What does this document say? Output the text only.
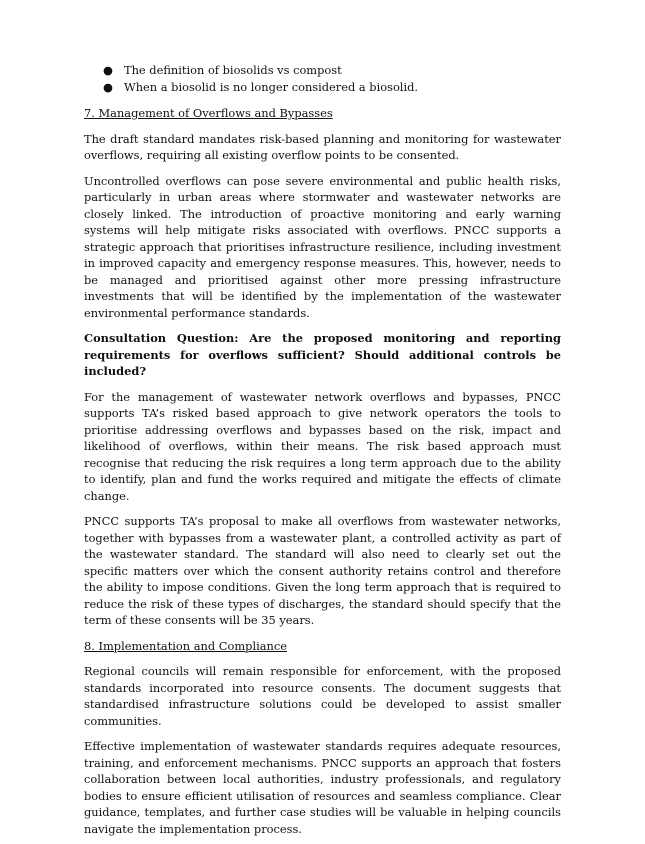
● The definition of biosolids vs compost
● When a biosolid is no longer considered a biosolid.
7. Management of Overflows and Bypasses

The draft standard mandates risk-based planning and monitoring for wastewater overflows, requiring all existing overflow points to be consented.

Uncontrolled overflows can pose severe environmental and public health risks, particularly in urban areas where stormwater and wastewater networks are closely linked. The introduction of proactive monitoring and early warning systems will help mitigate risks associated with overflows. PNCC supports a strategic approach that prioritises infrastructure resilience, including investment in improved capacity and emergency response measures. This, however, needs to be managed and prioritised against other more pressing infrastructure investments that will be identified by the implementation of the wastewater environmental performance standards.

Consultation Question: Are the proposed monitoring and reporting requirements for overflows sufficient? Should additional controls be included?

For the management of wastewater network overflows and bypasses, PNCC supports TA’s risked based approach to give network operators the tools to prioritise addressing overflows and bypasses based on the risk, impact and likelihood of overflows, within their means. The risk based approach must recognise that reducing the risk requires a long term approach due to the ability to identify, plan and fund the works required and mitigate the effects of climate change.

PNCC supports TA’s proposal to make all overflows from wastewater networks, together with bypasses from a wastewater plant, a controlled activity as part of the wastewater standard. The standard will also need to clearly set out the specific matters over which the consent authority retains control and therefore the ability to impose conditions. Given the long term approach that is required to reduce the risk of these types of discharges, the standard should specify that the term of these consents will be 35 years.

8. Implementation and Compliance

Regional councils will remain responsible for enforcement, with the proposed standards incorporated into resource consents. The document suggests that standardised infrastructure solutions could be developed to assist smaller communities.

Effective implementation of wastewater standards requires adequate resources, training, and enforcement mechanisms. PNCC supports an approach that fosters collaboration between local authorities, industry professionals, and regulatory bodies to ensure efficient utilisation of resources and seamless compliance. Clear guidance, templates, and further case studies will be valuable in helping councils navigate the implementation process.
